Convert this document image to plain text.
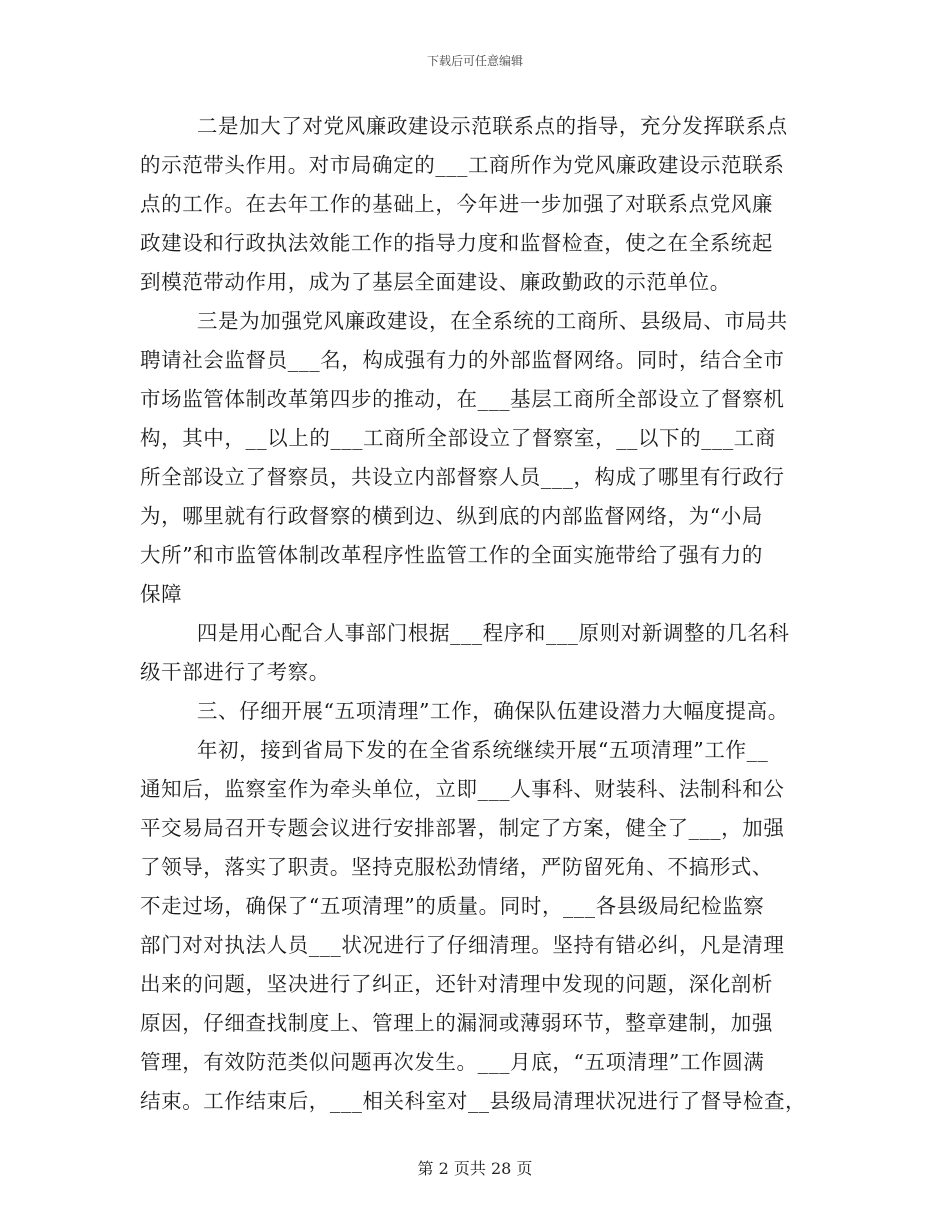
下载后可任意编辑
二是加大了对党风廉政建设示范联系点的指导，充分发挥联系点
的示范带头作用。对市局确定的___工商所作为党风廉政建设示范联系
点的工作。在去年工作的基础上，今年进一步加强了对联系点党风廉
政建设和行政执法效能工作的指导力度和监督检查，使之在全系统起
到模范带动作用，成为了基层全面建设、廉政勤政的示范单位。
三是为加强党风廉政建设，在全系统的工商所、县级局、市局共
聘请社会监督员___名，构成强有力的外部监督网络。同时，结合全市
市场监管体制改革第四步的推动，在___基层工商所全部设立了督察机
构，其中，__以上的___工商所全部设立了督察室，__以下的___工商
所全部设立了督察员，共设立内部督察人员___，构成了哪里有行政行
为，哪里就有行政督察的横到边、纵到底的内部监督网络，为“小局
大所”和市监管体制改革程序性监管工作的全面实施带给了强有力的
保障
四是用心配合人事部门根据___程序和___原则对新调整的几名科
级干部进行了考察。
三、仔细开展“五项清理”工作，确保队伍建设潜力大幅度提高。
年初，接到省局下发的在全省系统继续开展“五项清理”工作__
通知后，监察室作为牵头单位，立即___人事科、财装科、法制科和公
平交易局召开专题会议进行安排部署，制定了方案，健全了___，加强
了领导，落实了职责。坚持克服松劲情绪，严防留死角、不搞形式、
不走过场，确保了“五项清理”的质量。同时，___各县级局纪检监察
部门对对执法人员___状况进行了仔细清理。坚持有错必纠，凡是清理
出来的问题，坚决进行了纠正，还针对清理中发现的问题，深化剖析
原因，仔细查找制度上、管理上的漏洞或薄弱环节，整章建制，加强
管理，有效防范类似问题再次发生。___月底，“五项清理”工作圆满
结束。工作结束后，___相关科室对__县级局清理状况进行了督导检查，
第 2 页共 28 页
